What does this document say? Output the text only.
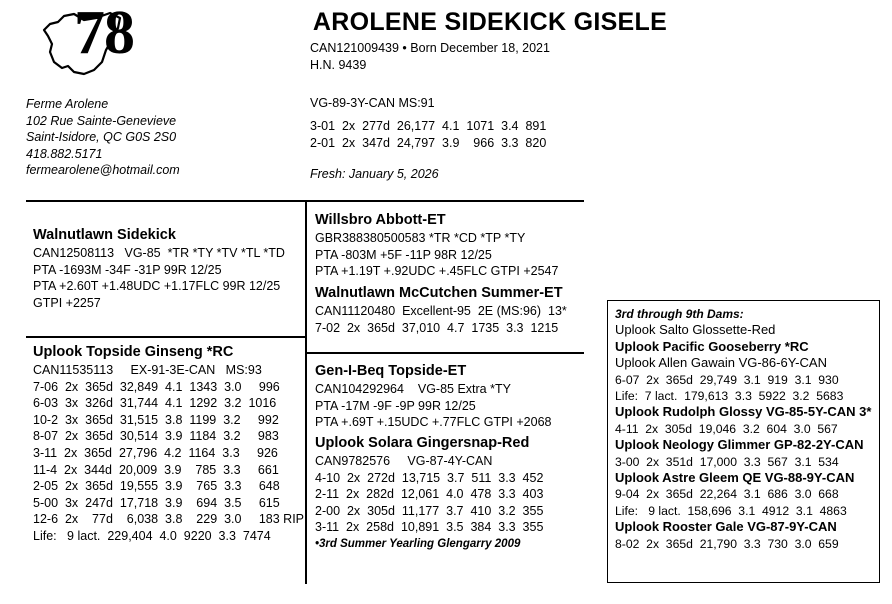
78
Ferme Arolene
102 Rue Sainte-Genevieve
Saint-Isidore, QC G0S 2S0
418.882.5171
fermearolene@hotmail.com
AROLENE SIDEKICK GISELE
CAN121009439 • Born December 18, 2021
H.N. 9439
VG-89-3Y-CAN MS:91
3-01  2x  277d  26,177  4.1  1071  3.4  891
2-01  2x  347d  24,797  3.9    966  3.3  820
Fresh: January 5, 2026
Walnutlawn Sidekick
CAN12508113   VG-85  *TR *TY *TV *TL *TD
PTA -1693M -34F -31P 99R 12/25
PTA +2.60T +1.48UDC +1.17FLC 99R 12/25
GTPI +2257
Uplook Topside Ginseng *RC
CAN11535113     EX-91-3E-CAN   MS:93
7-06  2x  365d  32,849  4.1  1343  3.0     996
6-03  3x  326d  31,744  4.1  1292  3.2  1016
10-2  3x  365d  31,515  3.8  1199  3.2     992
8-07  2x  365d  30,514  3.9  1184  3.2     983
3-11  2x  365d  27,796  4.2  1164  3.3     926
11-4  2x  344d  20,009  3.9    785  3.3     661
2-05  2x  365d  19,555  3.9    765  3.3     648
5-00  3x  247d  17,718  3.9    694  3.5     615
12-6  2x    77d    6,038  3.8    229  3.0     183 RIP
Life:   9 lact.  229,404  4.0  9220  3.3  7474
Willsbro Abbott-ET
GBR388380500583 *TR *CD *TP *TY
PTA -803M +5F -11P 98R 12/25
PTA +1.19T +.92UDC +.45FLC GTPI +2547
Walnutlawn McCutchen Summer-ET
CAN11120480  Excellent-95  2E (MS:96)  13*
7-02  2x  365d  37,010  4.7  1735  3.3  1215
Gen-I-Beq Topside-ET
CAN104292964    VG-85 Extra *TY
PTA -17M -9F -9P 99R 12/25
PTA +.69T +.15UDC +.77FLC GTPI +2068
Uplook Solara Gingersnap-Red
CAN9782576     VG-87-4Y-CAN
4-10  2x  272d  13,715  3.7  511  3.3  452
2-11  2x  282d  12,061  4.0  478  3.3  403
2-00  2x  305d  11,177  3.7  410  3.2  355
3-11  2x  258d  10,891  3.5  384  3.3  355
•3rd Summer Yearling Glengarry 2009
3rd through 9th Dams:
Uplook Salto Glossette-Red
Uplook Pacific Gooseberry *RC
Uplook Allen Gawain VG-86-6Y-CAN
6-07  2x  365d  29,749  3.1  919  3.1  930
Life:  7 lact.  179,613  3.3  5922  3.2  5683
Uplook Rudolph Glossy VG-85-5Y-CAN 3*
4-11  2x  305d  19,046  3.2  604  3.0  567
Uplook Neology Glimmer GP-82-2Y-CAN
3-00  2x  351d  17,000  3.3  567  3.1  534
Uplook Astre Gleem QE VG-88-9Y-CAN
9-04  2x  365d  22,264  3.1  686  3.0  668
Life:   9 lact.  158,696  3.1  4912  3.1  4863
Uplook Rooster Gale VG-87-9Y-CAN
8-02  2x  365d  21,790  3.3  730  3.0  659
